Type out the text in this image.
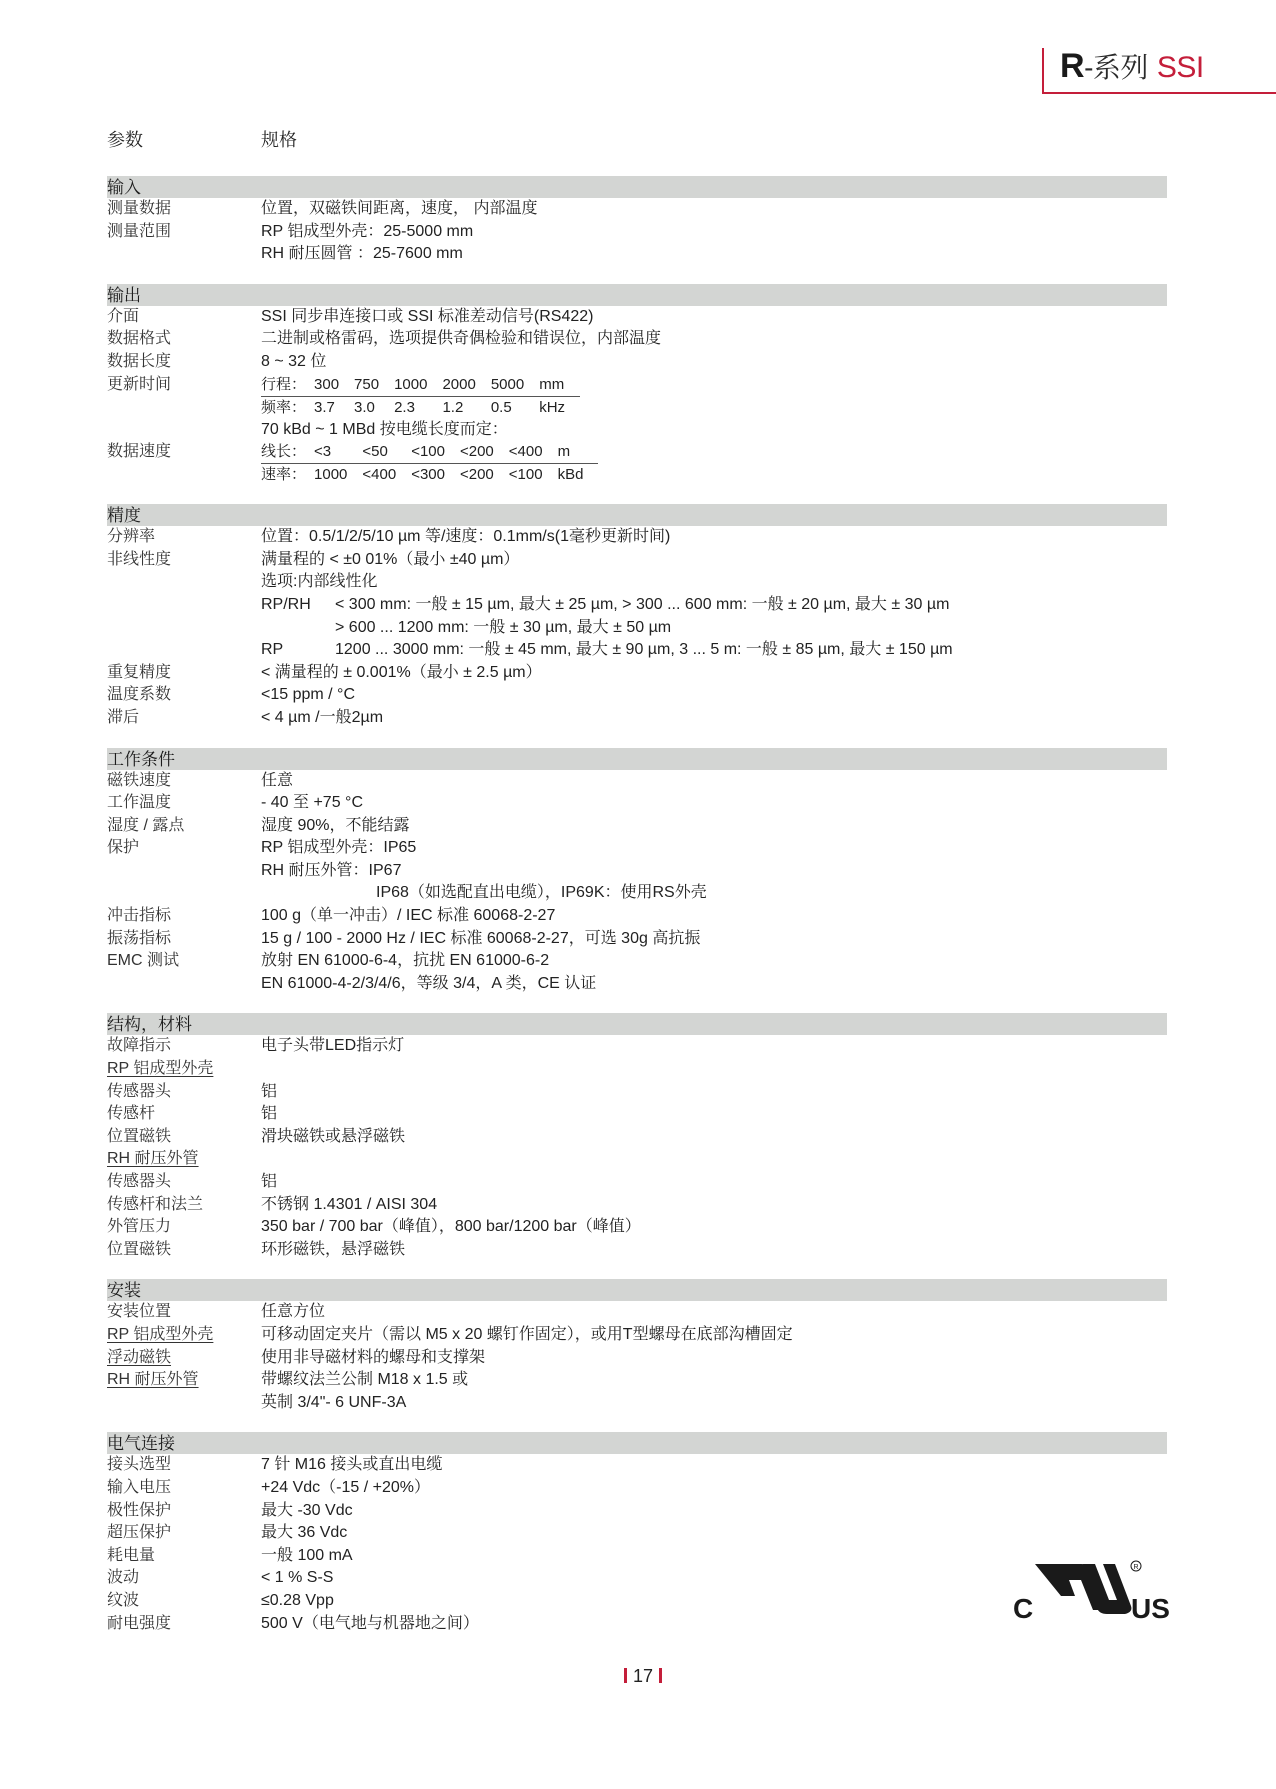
R-系列 SSI
参数	规格
输入
测量数据	位置，双磁铁间距离，速度， 内部温度
测量范围	RP 铝成型外壳：25-5000 mm
RH 耐压圆管 ：25-7600 mm
输出
介面	SSI 同步串连接口或 SSI 标准差动信号(RS422)
数据格式	二进制或格雷码，选项提供奇偶检验和错误位，内部温度
数据长度	8 ~ 32 位
更新时间	行程：	300	750	1000	2000	5000	mm
频率：	3.7	3.0	2.3	1.2	0.5	kHz
70 kBd ~ 1 MBd 按电缆长度而定：
数据速度	线长：	<3	<50	<100	<200	<400	m
速率：	1000	<400	<300	<200	<100	kBd
精度
分辨率	位置：0.5/1/2/5/10 µm 等/速度：0.1mm/s(1毫秒更新时间)
非线性度	满量程的 < ±0 01%（最小 ±40 µm）
选项:内部线性化
RP/RH	< 300 mm: 一般 ± 15 µm, 最大 ± 25 µm, > 300 ... 600 mm: 一般 ± 20 µm, 最大 ± 30 µm
> 600 ... 1200 mm: 一般 ± 30 µm, 最大 ± 50 µm
RP	1200 ... 3000 mm: 一般 ± 45 mm, 最大 ± 90 µm, 3 ... 5 m: 一般 ± 85 µm, 最大 ± 150 µm
重复精度	< 满量程的 ± 0.001%（最小 ± 2.5 µm）
温度系数	<15 ppm / °C
滞后	< 4 µm /一般2µm
工作条件
磁铁速度	任意
工作温度	- 40 至 +75 °C
湿度 / 露点	湿度 90%，不能结露
保护	RP 铝成型外壳：IP65
RH 耐压外管：IP67
IP68（如选配直出电缆），IP69K：使用RS外壳
冲击指标	100 g（单一冲击）/ IEC 标准 60068-2-27
振荡指标	15 g / 100 - 2000 Hz / IEC 标准 60068-2-27，可选 30g 高抗振
EMC 测试	放射 EN 61000-6-4，抗扰 EN 61000-6-2
EN 61000-4-2/3/4/6，等级 3/4，A 类，CE 认证
结构，材料
故障指示	电子头带LED指示灯
RP 铝成型外壳
传感器头	铝
传感杆	铝
位置磁铁	滑块磁铁或悬浮磁铁
RH 耐压外管
传感器头	铝
传感杆和法兰	不锈钢 1.4301 / AISI 304
外管压力	350 bar / 700 bar（峰值），800 bar/1200 bar（峰值）
位置磁铁	环形磁铁，悬浮磁铁
安装
安装位置	任意方位
RP 铝成型外壳	可移动固定夹片（需以 M5 x 20 螺钉作固定），或用T型螺母在底部沟槽固定
浮动磁铁	使用非导磁材料的螺母和支撑架
RH 耐压外管	带螺纹法兰公制 M18 x 1.5 或
英制 3/4"- 6 UNF-3A
电气连接
接头选型	7 针 M16 接头或直出电缆
输入电压	+24 Vdc（-15 / +20%）
极性保护	最大 -30 Vdc
超压保护	最大 36 Vdc
耗电量	一般 100 mA
波动	< 1 % S-S
纹波	≤0.28 Vpp
耐电强度	500 V（电气地与机器地之间）	C
R
US
17
